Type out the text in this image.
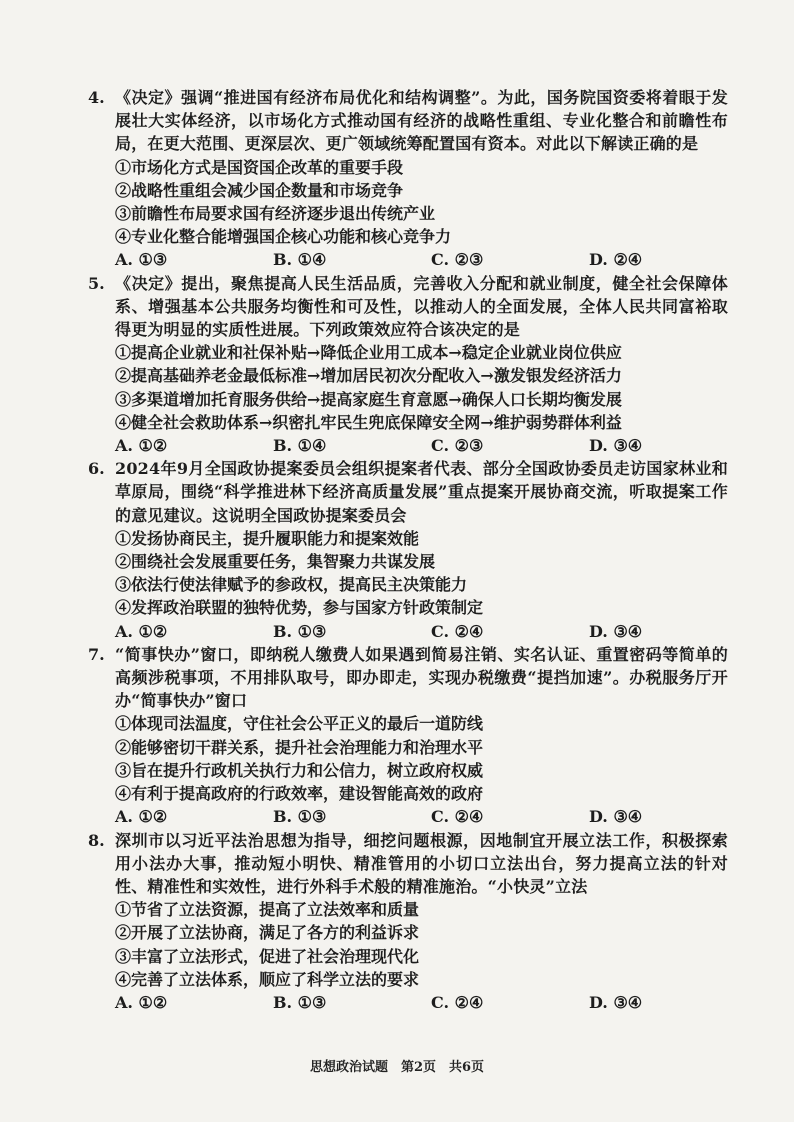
4. 《决定》强调“推进国有经济布局优化和结构调整”。为此，国务院国资委将着眼于发展壮大实体经济，以市场化方式推动国有经济的战略性重组、专业化整合和前瞻性布局，在更大范围、更深层次、更广领域统筹配置国有资本。对此以下解读正确的是
①市场化方式是国资国企改革的重要手段
②战略性重组会减少国企数量和市场竞争
③前瞻性布局要求国有经济逐步退出传统产业
④专业化整合能增强国企核心功能和核心竞争力
A. ①③	B. ①④	C. ②③	D. ②④
5. 《决定》提出，聚焦提高人民生活品质，完善收入分配和就业制度，健全社会保障体系、增强基本公共服务均衡性和可及性，以推动人的全面发展，全体人民共同富裕取得更为明显的实质性进展。下列政策效应符合该决定的是
①提高企业就业和社保补贴→降低企业用工成本→稳定企业就业岗位供应
②提高基础养老金最低标准→增加居民初次分配收入→激发银发经济活力
③多渠道增加托育服务供给→提高家庭生育意愿→确保人口长期均衡发展
④健全社会救助体系→织密扎牢民生兜底保障安全网→维护弱势群体利益
A. ①②	B. ①④	C. ②③	D. ③④
6. 2024年9月全国政协提案委员会组织提案者代表、部分全国政协委员走访国家林业和草原局，围绕“科学推进林下经济高质量发展”重点提案开展协商交流，听取提案工作的意见建议。这说明全国政协提案委员会
①发扬协商民主，提升履职能力和提案效能
②围绕社会发展重要任务，集智聚力共谋发展
③依法行使法律赋予的参政权，提高民主决策能力
④发挥政治联盟的独特优势，参与国家方针政策制定
A. ①②	B. ①③	C. ②④	D. ③④
7. “简事快办”窗口，即纳税人缴费人如果遇到简易注销、实名认证、重置密码等简单的高频涉税事项，不用排队取号，即办即走，实现办税缴费“提挡加速”。办税服务厅开办“简事快办”窗口
①体现司法温度，守住社会公平正义的最后一道防线
②能够密切干群关系，提升社会治理能力和治理水平
③旨在提升行政机关执行力和公信力，树立政府权威
④有利于提高政府的行政效率，建设智能高效的政府
A. ①②	B. ①③	C. ②④	D. ③④
8. 深圳市以习近平法治思想为指导，细挖问题根源，因地制宜开展立法工作，积极探索用小法办大事，推动短小明快、精准管用的小切口立法出台，努力提高立法的针对性、精准性和实效性，进行外科手术般的精准施治。“小快灵”立法
①节省了立法资源，提高了立法效率和质量
②开展了立法协商，满足了各方的利益诉求
③丰富了立法形式，促进了社会治理现代化
④完善了立法体系，顺应了科学立法的要求
A. ①②	B. ①③	C. ②④	D. ③④
思想政治试题　第2页　共6页
